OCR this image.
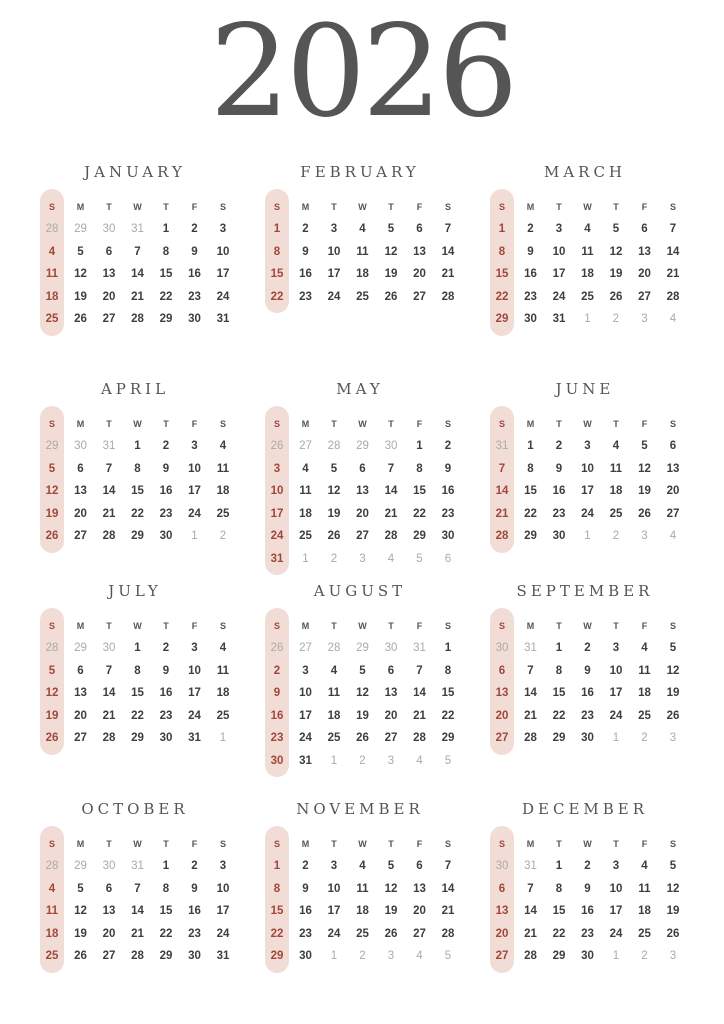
2026
JANUARY
S	M	T	W	T	F	S
28	29	30	31	1	2	3
4	5	6	7	8	9	10
11	12	13	14	15	16	17
18	19	20	21	22	23	24
25	26	27	28	29	30	31
FEBRUARY
S	M	T	W	T	F	S
1	2	3	4	5	6	7
8	9	10	11	12	13	14
15	16	17	18	19	20	21
22	23	24	25	26	27	28
MARCH
S	M	T	W	T	F	S
1	2	3	4	5	6	7
8	9	10	11	12	13	14
15	16	17	18	19	20	21
22	23	24	25	26	27	28
29	30	31	1	2	3	4
APRIL
S	M	T	W	T	F	S
29	30	31	1	2	3	4
5	6	7	8	9	10	11
12	13	14	15	16	17	18
19	20	21	22	23	24	25
26	27	28	29	30	1	2
MAY
S	M	T	W	T	F	S
26	27	28	29	30	1	2
3	4	5	6	7	8	9
10	11	12	13	14	15	16
17	18	19	20	21	22	23
24	25	26	27	28	29	30
31	1	2	3	4	5	6
JUNE
S	M	T	W	T	F	S
31	1	2	3	4	5	6
7	8	9	10	11	12	13
14	15	16	17	18	19	20
21	22	23	24	25	26	27
28	29	30	1	2	3	4
JULY
S	M	T	W	T	F	S
28	29	30	1	2	3	4
5	6	7	8	9	10	11
12	13	14	15	16	17	18
19	20	21	22	23	24	25
26	27	28	29	30	31	1
AUGUST
S	M	T	W	T	F	S
26	27	28	29	30	31	1
2	3	4	5	6	7	8
9	10	11	12	13	14	15
16	17	18	19	20	21	22
23	24	25	26	27	28	29
30	31	1	2	3	4	5
SEPTEMBER
S	M	T	W	T	F	S
30	31	1	2	3	4	5
6	7	8	9	10	11	12
13	14	15	16	17	18	19
20	21	22	23	24	25	26
27	28	29	30	1	2	3
OCTOBER
S	M	T	W	T	F	S
28	29	30	31	1	2	3
4	5	6	7	8	9	10
11	12	13	14	15	16	17
18	19	20	21	22	23	24
25	26	27	28	29	30	31
NOVEMBER
S	M	T	W	T	F	S
1	2	3	4	5	6	7
8	9	10	11	12	13	14
15	16	17	18	19	20	21
22	23	24	25	26	27	28
29	30	1	2	3	4	5
DECEMBER
S	M	T	W	T	F	S
30	31	1	2	3	4	5
6	7	8	9	10	11	12
13	14	15	16	17	18	19
20	21	22	23	24	25	26
27	28	29	30	1	2	3
